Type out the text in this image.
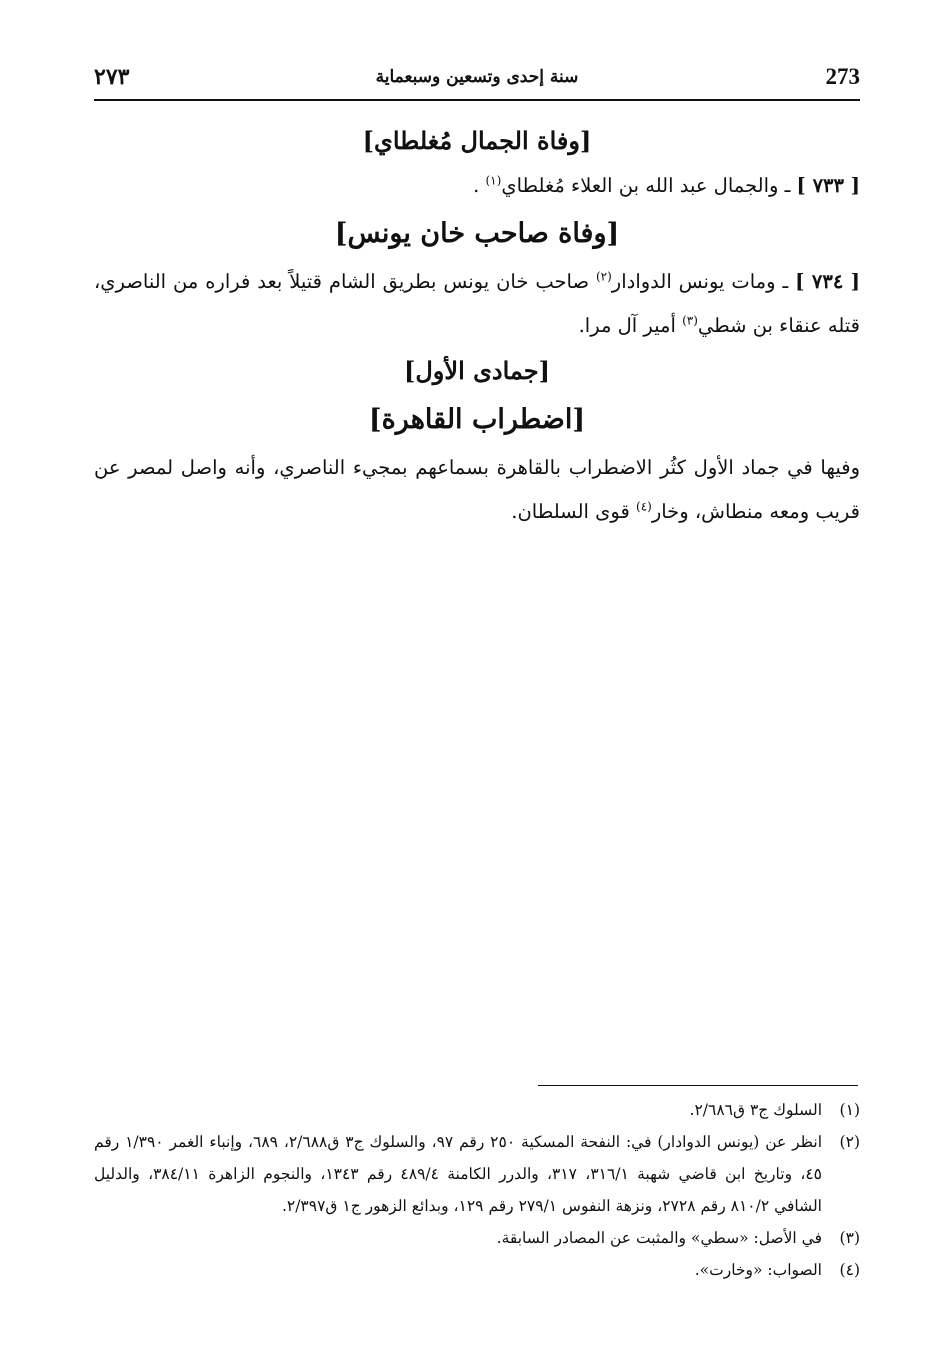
273
سنة إحدى وتسعين وسبعماية
٢٧٣

[وفاة الجمال مُغلطاي]

[ ٧٣٣ ] ـ والجمال عبد الله بن العلاء مُغلطاي$^{(١)}$ .

[وفاة صاحب خان يونس]

[ ٧٣٤ ] ـ ومات يونس الدوادار$^{(٢)}$ صاحب خان يونس بطريق الشام قتيلاً بعد فراره من الناصري، قتله عنقاء بن شطي$^{(٣)}$ أمير آل مرا.

[جمادى الأول]

[اضطراب القاهرة]

وفيها في جماد الأول كثُر الاضطراب بالقاهرة بسماعهم بمجيء الناصري، وأنه واصل لمصر عن قريب ومعه منطاش، وخار$^{(٤)}$ قوى السلطان.

(١)
السلوك ج٣ ق٢/٦٨٦.
(٢)
انظر عن (يونس الدوادار) في: النفحة المسكية ٢٥٠ رقم ٩٧، والسلوك ج٣ ق٢/٦٨٨، ٦٨٩، وإنباء الغمر ١/٣٩٠ رقم ٤٥، وتاريخ ابن قاضي شهبة ٣١٦/١، ٣١٧، والدرر الكامنة ٤٨٩/٤ رقم ١٣٤٣، والنجوم الزاهرة ٣٨٤/١١، والدليل الشافي ٨١٠/٢ رقم ٢٧٢٨، ونزهة النفوس ٢٧٩/١ رقم ١٢٩، وبدائع الزهور ج١ ق٢/٣٩٧.
(٣)
في الأصل: «سطي» والمثبت عن المصادر السابقة.
(٤)
الصواب: «وخارت».
